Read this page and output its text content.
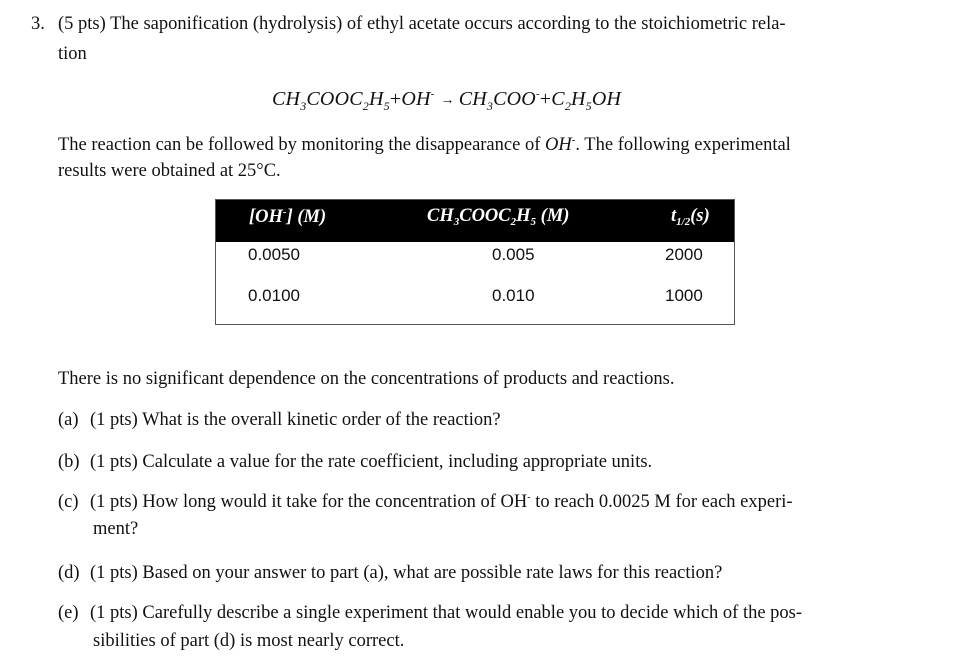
3. (5 pts) The saponification (hydrolysis) of ethyl acetate occurs according to the stoichiometric rela-
tion
$CH_3COOC_2H_5+OH^- \to CH_3COO^-+C_2H_5OH$
The reaction can be followed by monitoring the disappearance of OH-. The following experimental
results were obtained at 25°C.
[OH-] (M)	$CH_3COOC_2H_5$ (M)	$t_{1/2}(s)$
0.0050	0.005	2000
0.0100	0.010	1000
There is no significant dependence on the concentrations of products and reactions.
(a) (1 pts) What is the overall kinetic order of the reaction?
(b) (1 pts) Calculate a value for the rate coefficient, including appropriate units.
(c) (1 pts) How long would it take for the concentration of OH- to reach 0.0025 M for each experi-
ment?
(d) (1 pts) Based on your answer to part (a), what are possible rate laws for this reaction?
(e) (1 pts) Carefully describe a single experiment that would enable you to decide which of the pos-
sibilities of part (d) is most nearly correct.
